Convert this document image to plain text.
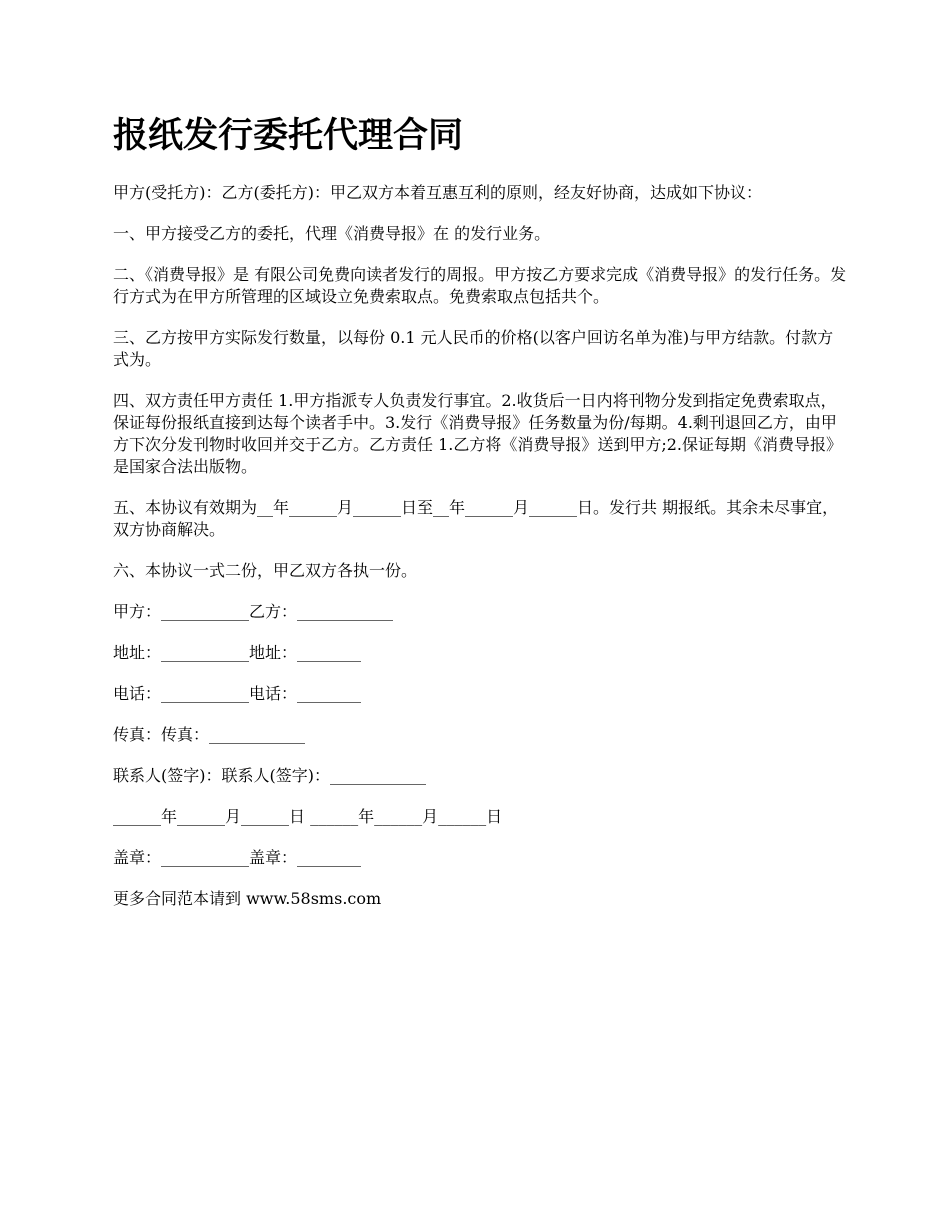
报纸发行委托代理合同

甲方(受托方)：乙方(委托方)：甲乙双方本着互惠互利的原则，经友好协商，达成如下协议：

一、甲方接受乙方的委托，代理《消费导报》在 的发行业务。

二、《消费导报》是 有限公司免费向读者发行的周报。甲方按乙方要求完成《消费导报》的发行任务。发行方式为在甲方所管理的区域设立免费索取点。免费索取点包括共个。

三、乙方按甲方实际发行数量，以每份 0.1 元人民币的价格(以客户回访名单为准)与甲方结款。付款方式为。

四、双方责任甲方责任 1.甲方指派专人负责发行事宜。2.收货后一日内将刊物分发到指定免费索取点，保证每份报纸直接到达每个读者手中。3.发行《消费导报》任务数量为份/每期。4.剩刊退回乙方，由甲方下次分发刊物时收回并交于乙方。乙方责任 1.乙方将《消费导报》送到甲方;2.保证每期《消费导报》是国家合法出版物。

五、本协议有效期为__年______月______日至__年______月______日。发行共 期报纸。其余未尽事宜，双方协商解决。

六、本协议一式二份，甲乙双方各执一份。

甲方：___________乙方：____________

地址：___________地址：________

电话：___________电话：________

传真：传真：____________

联系人(签字)：联系人(签字)：____________

______年______月______日 ______年______月______日

盖章：___________盖章：________

更多合同范本请到 www.58sms.com
